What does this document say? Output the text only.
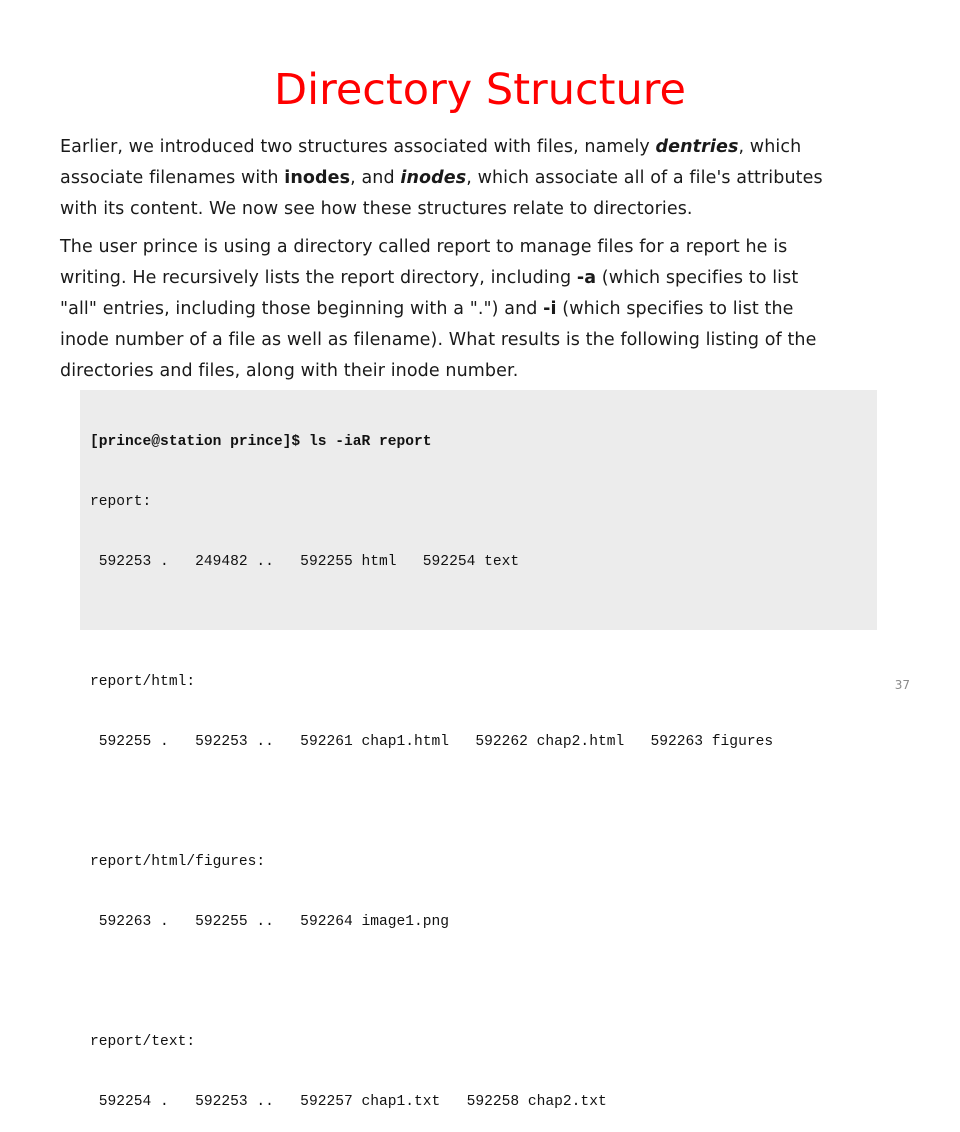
Directory Structure

Earlier, we introduced two structures associated with files, namely dentries, which
associate filenames with inodes, and inodes, which associate all of a file's attributes
with its content. We now see how these structures relate to directories.

The user prince is using a directory called report to manage files for a report he is
writing. He recursively lists the report directory, including -a (which specifies to list
"all" entries, including those beginning with a ".") and -i (which specifies to list the
inode number of a file as well as filename). What results is the following listing of the
directories and files, along with their inode number.

[prince@station prince]$ ls -iaR report

report:

592253 .   249482 ..   592255 html   592254 text

report/html:

592255 .   592253 ..   592261 chap1.html   592262 chap2.html   592263 figures

report/html/figures:

592263 .   592255 ..   592264 image1.png

report/text:

592254 .   592253 ..   592257 chap1.txt   592258 chap2.txt

37
